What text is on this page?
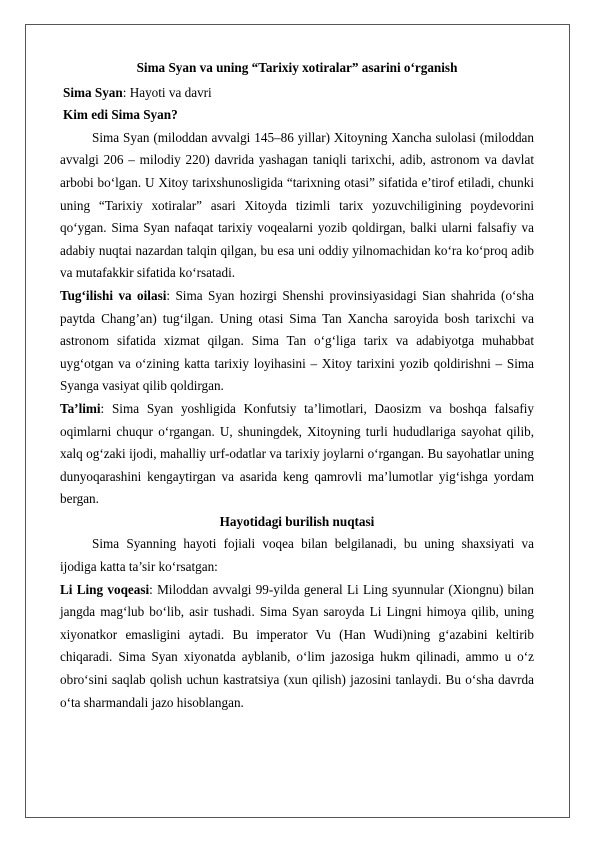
Sima Syan va uning “Tarixiy xotiralar” asarini o‘rganish
Sima Syan: Hayoti va davri
Kim edi Sima Syan?

Sima Syan (miloddan avvalgi 145–86 yillar) Xitoyning Xancha sulolasi (miloddan avvalgi 206 – milodiy 220) davrida yashagan taniqli tarixchi, adib, astronom va davlat arbobi bo‘lgan. U Xitoy tarixshunosligida “tarixning otasi” sifatida e’tirof etiladi, chunki uning “Tarixiy xotiralar” asari Xitoyda tizimli tarix yozuvchiligining poydevorini qo‘ygan. Sima Syan nafaqat tarixiy voqealarni yozib qoldirgan, balki ularni falsafiy va adabiy nuqtai nazardan talqin qilgan, bu esa uni oddiy yilnomachidan ko‘ra ko‘proq adib va mutafakkir sifatida ko‘rsatadi.

Tug‘ilishi va oilasi: Sima Syan hozirgi Shenshi provinsiyasidagi Sian shahrida (o‘sha paytda Chang’an) tug‘ilgan. Uning otasi Sima Tan Xancha saroyida bosh tarixchi va astronom sifatida xizmat qilgan. Sima Tan o‘g‘liga tarix va adabiyotga muhabbat uyg‘otgan va o‘zining katta tarixiy loyihasini – Xitoy tarixini yozib qoldirishni – Sima Syanga vasiyat qilib qoldirgan.

Ta’limi: Sima Syan yoshligida Konfutsiy ta’limotlari, Daosizm va boshqa falsafiy oqimlarni chuqur o‘rgangan. U, shuningdek, Xitoyning turli hududlariga sayohat qilib, xalq og‘zaki ijodi, mahalliy urf-odatlar va tarixiy joylarni o‘rgangan. Bu sayohatlar uning dunyoqarashini kengaytirgan va asarida keng qamrovli ma’lumotlar yig‘ishga yordam bergan.

Hayotidagi burilish nuqtasi

Sima Syanning hayoti fojiali voqea bilan belgilanadi, bu uning shaxsiyati va ijodiga katta ta’sir ko‘rsatgan:

Li Ling voqeasi: Miloddan avvalgi 99-yilda general Li Ling syunnular (Xiongnu) bilan jangda mag‘lub bo‘lib, asir tushadi. Sima Syan saroyda Li Lingni himoya qilib, uning xiyonatkor emasligini aytadi. Bu imperator Vu (Han Wudi)ning g‘azabini keltirib chiqaradi. Sima Syan xiyonatda ayblanib, o‘lim jazosiga hukm qilinadi, ammo u o‘z obro‘sini saqlab qolish uchun kastratsiya (xun qilish) jazosini tanlaydi. Bu o‘sha davrda o‘ta sharmandali jazo hisoblangan.
